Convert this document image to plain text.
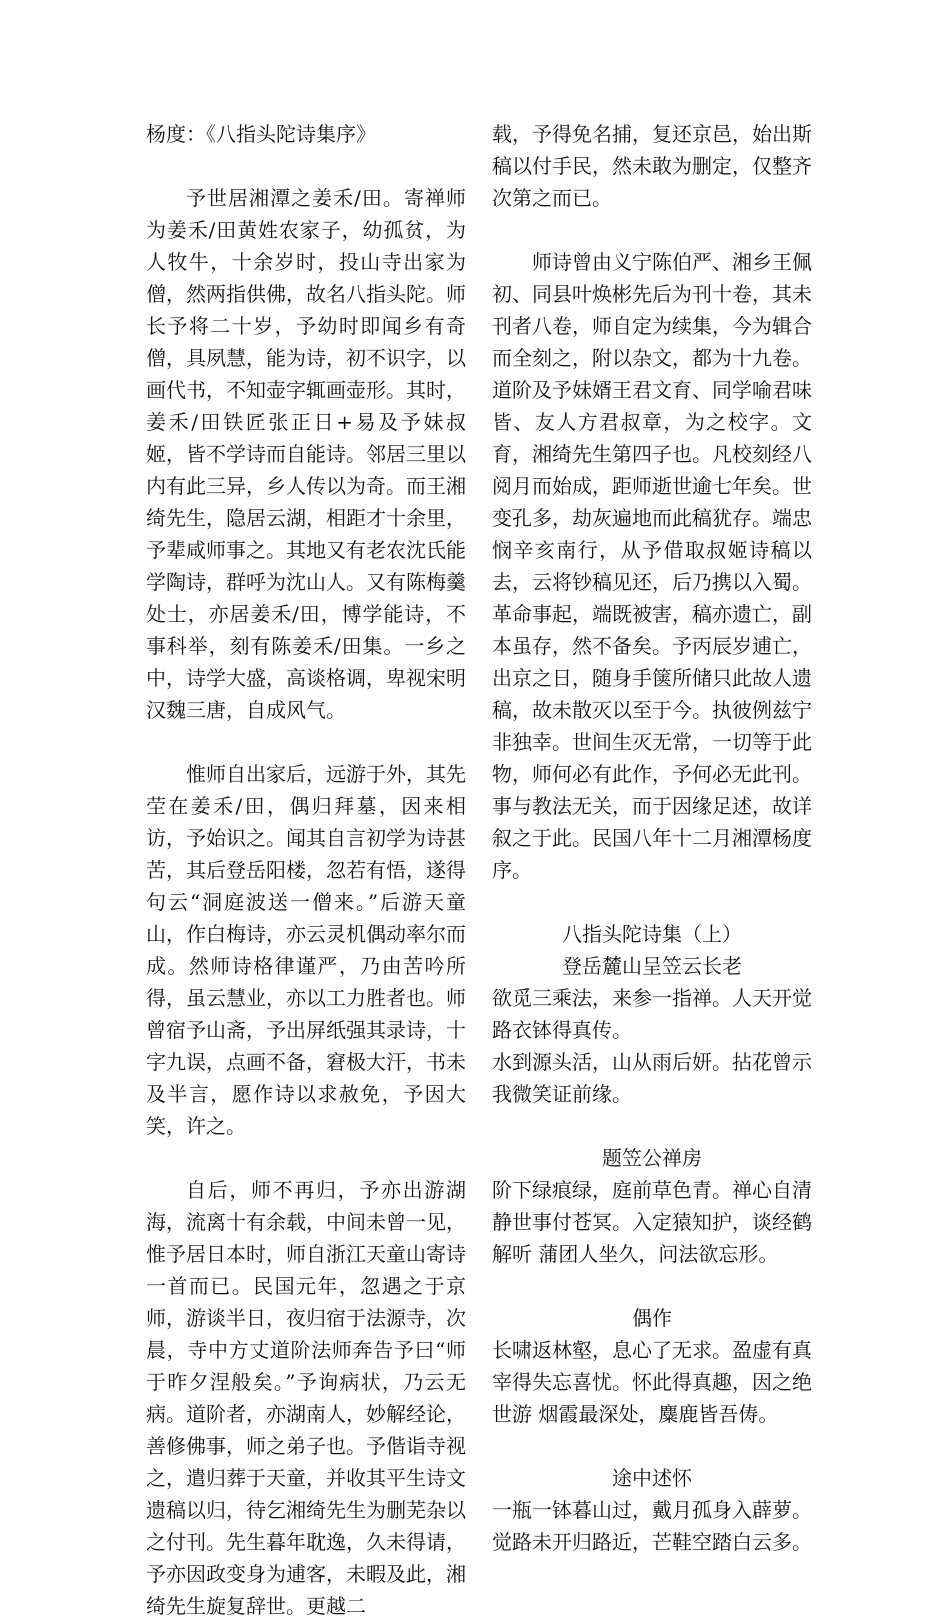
杨度：《八指头陀诗集序》

予世居湘潭之姜禾/田。寄禅师为姜禾/田黄姓农家子，幼孤贫，为人牧牛，十余岁时，投山寺出家为僧，然两指供佛，故名八指头陀。师长予将二十岁，予幼时即闻乡有奇僧，具夙慧，能为诗，初不识字，以画代书，不知壶字辄画壶形。其时，姜禾/田铁匠张正日+易及予妹叔姬，皆不学诗而自能诗。邻居三里以内有此三异，乡人传以为奇。而王湘绮先生，隐居云湖，相距才十余里，予辈咸师事之。其地又有老农沈氏能学陶诗，群呼为沈山人。又有陈梅羹处士，亦居姜禾/田，博学能诗，不事科举，刻有陈姜禾/田集。一乡之中，诗学大盛，高谈格调，卑视宋明汉魏三唐，自成风气。

惟师自出家后，远游于外，其先茔在姜禾/田，偶归拜墓，因来相访，予始识之。闻其自言初学为诗甚苦，其后登岳阳楼，忽若有悟，遂得句云“洞庭波送一僧来。”后游天童山，作白梅诗，亦云灵机偶动率尔而成。然师诗格律谨严，乃由苦吟所得，虽云慧业，亦以工力胜者也。师曾宿予山斋，予出屏纸强其录诗，十字九误，点画不备，窘极大汗，书未及半言，愿作诗以求赦免，予因大笑，许之。

自后，师不再归，予亦出游湖海，流离十有余载，中间未曾一见，惟予居日本时，师自浙江天童山寄诗一首而已。民国元年，忽遇之于京师，游谈半日，夜归宿于法源寺，次晨，寺中方丈道阶法师奔告予曰“师于昨夕涅般矣。”予询病状，乃云无病。道阶者，亦湖南人，妙解经论，善修佛事，师之弟子也。予偕诣寺视之，遣归葬于天童，并收其平生诗文遗稿以归，待乞湘绮先生为删芜杂以之付刊。先生暮年耽逸，久未得请，予亦因政变身为逋客，未暇及此，湘绮先生旋复辞世。更越二

载，予得免名捕，复还京邑，始出斯稿以付手民，然未敢为删定，仅整齐次第之而已。

师诗曾由义宁陈伯严、湘乡王佩初、同县叶焕彬先后为刊十卷，其未刊者八卷，师自定为续集，今为辑合而全刻之，附以杂文，都为十九卷。道阶及予妹婿王君文育、同学喻君味皆、友人方君叔章，为之校字。文育，湘绮先生第四子也。凡校刻经八阅月而始成，距师逝世逾七年矣。世变孔多，劫灰遍地而此稿犹存。端忠悯辛亥南行，从予借取叔姬诗稿以去，云将钞稿见还，后乃携以入蜀。革命事起，端既被害，稿亦遗亡，副本虽存，然不备矣。予丙辰岁逋亡，出京之日，随身手箧所储只此故人遗稿，故未散灭以至于今。执彼例兹宁非独幸。世间生灭无常，一切等于此物，师何必有此作，予何必无此刊。事与教法无关，而于因缘足述，故详叙之于此。民国八年十二月湘潭杨度序。

八指头陀诗集（上）

登岳麓山呈笠云长老

欲觅三乘法，来参一指禅。人天开觉路衣钵得真传。

水到源头活，山从雨后妍。拈花曾示我微笑证前缘。

题笠公禅房

阶下绿痕绿，庭前草色青。禅心自清静世事付苍冥。入定猿知护，谈经鹤解听 蒲团人坐久，问法欲忘形。

偶作

长啸返林壑，息心了无求。盈虚有真宰得失忘喜忧。怀此得真趣，因之绝世游 烟霞最深处，麋鹿皆吾俦。

途中述怀

一瓶一钵暮山过，戴月孤身入薜萝。

觉路未开归路近，芒鞋空踏白云多。
